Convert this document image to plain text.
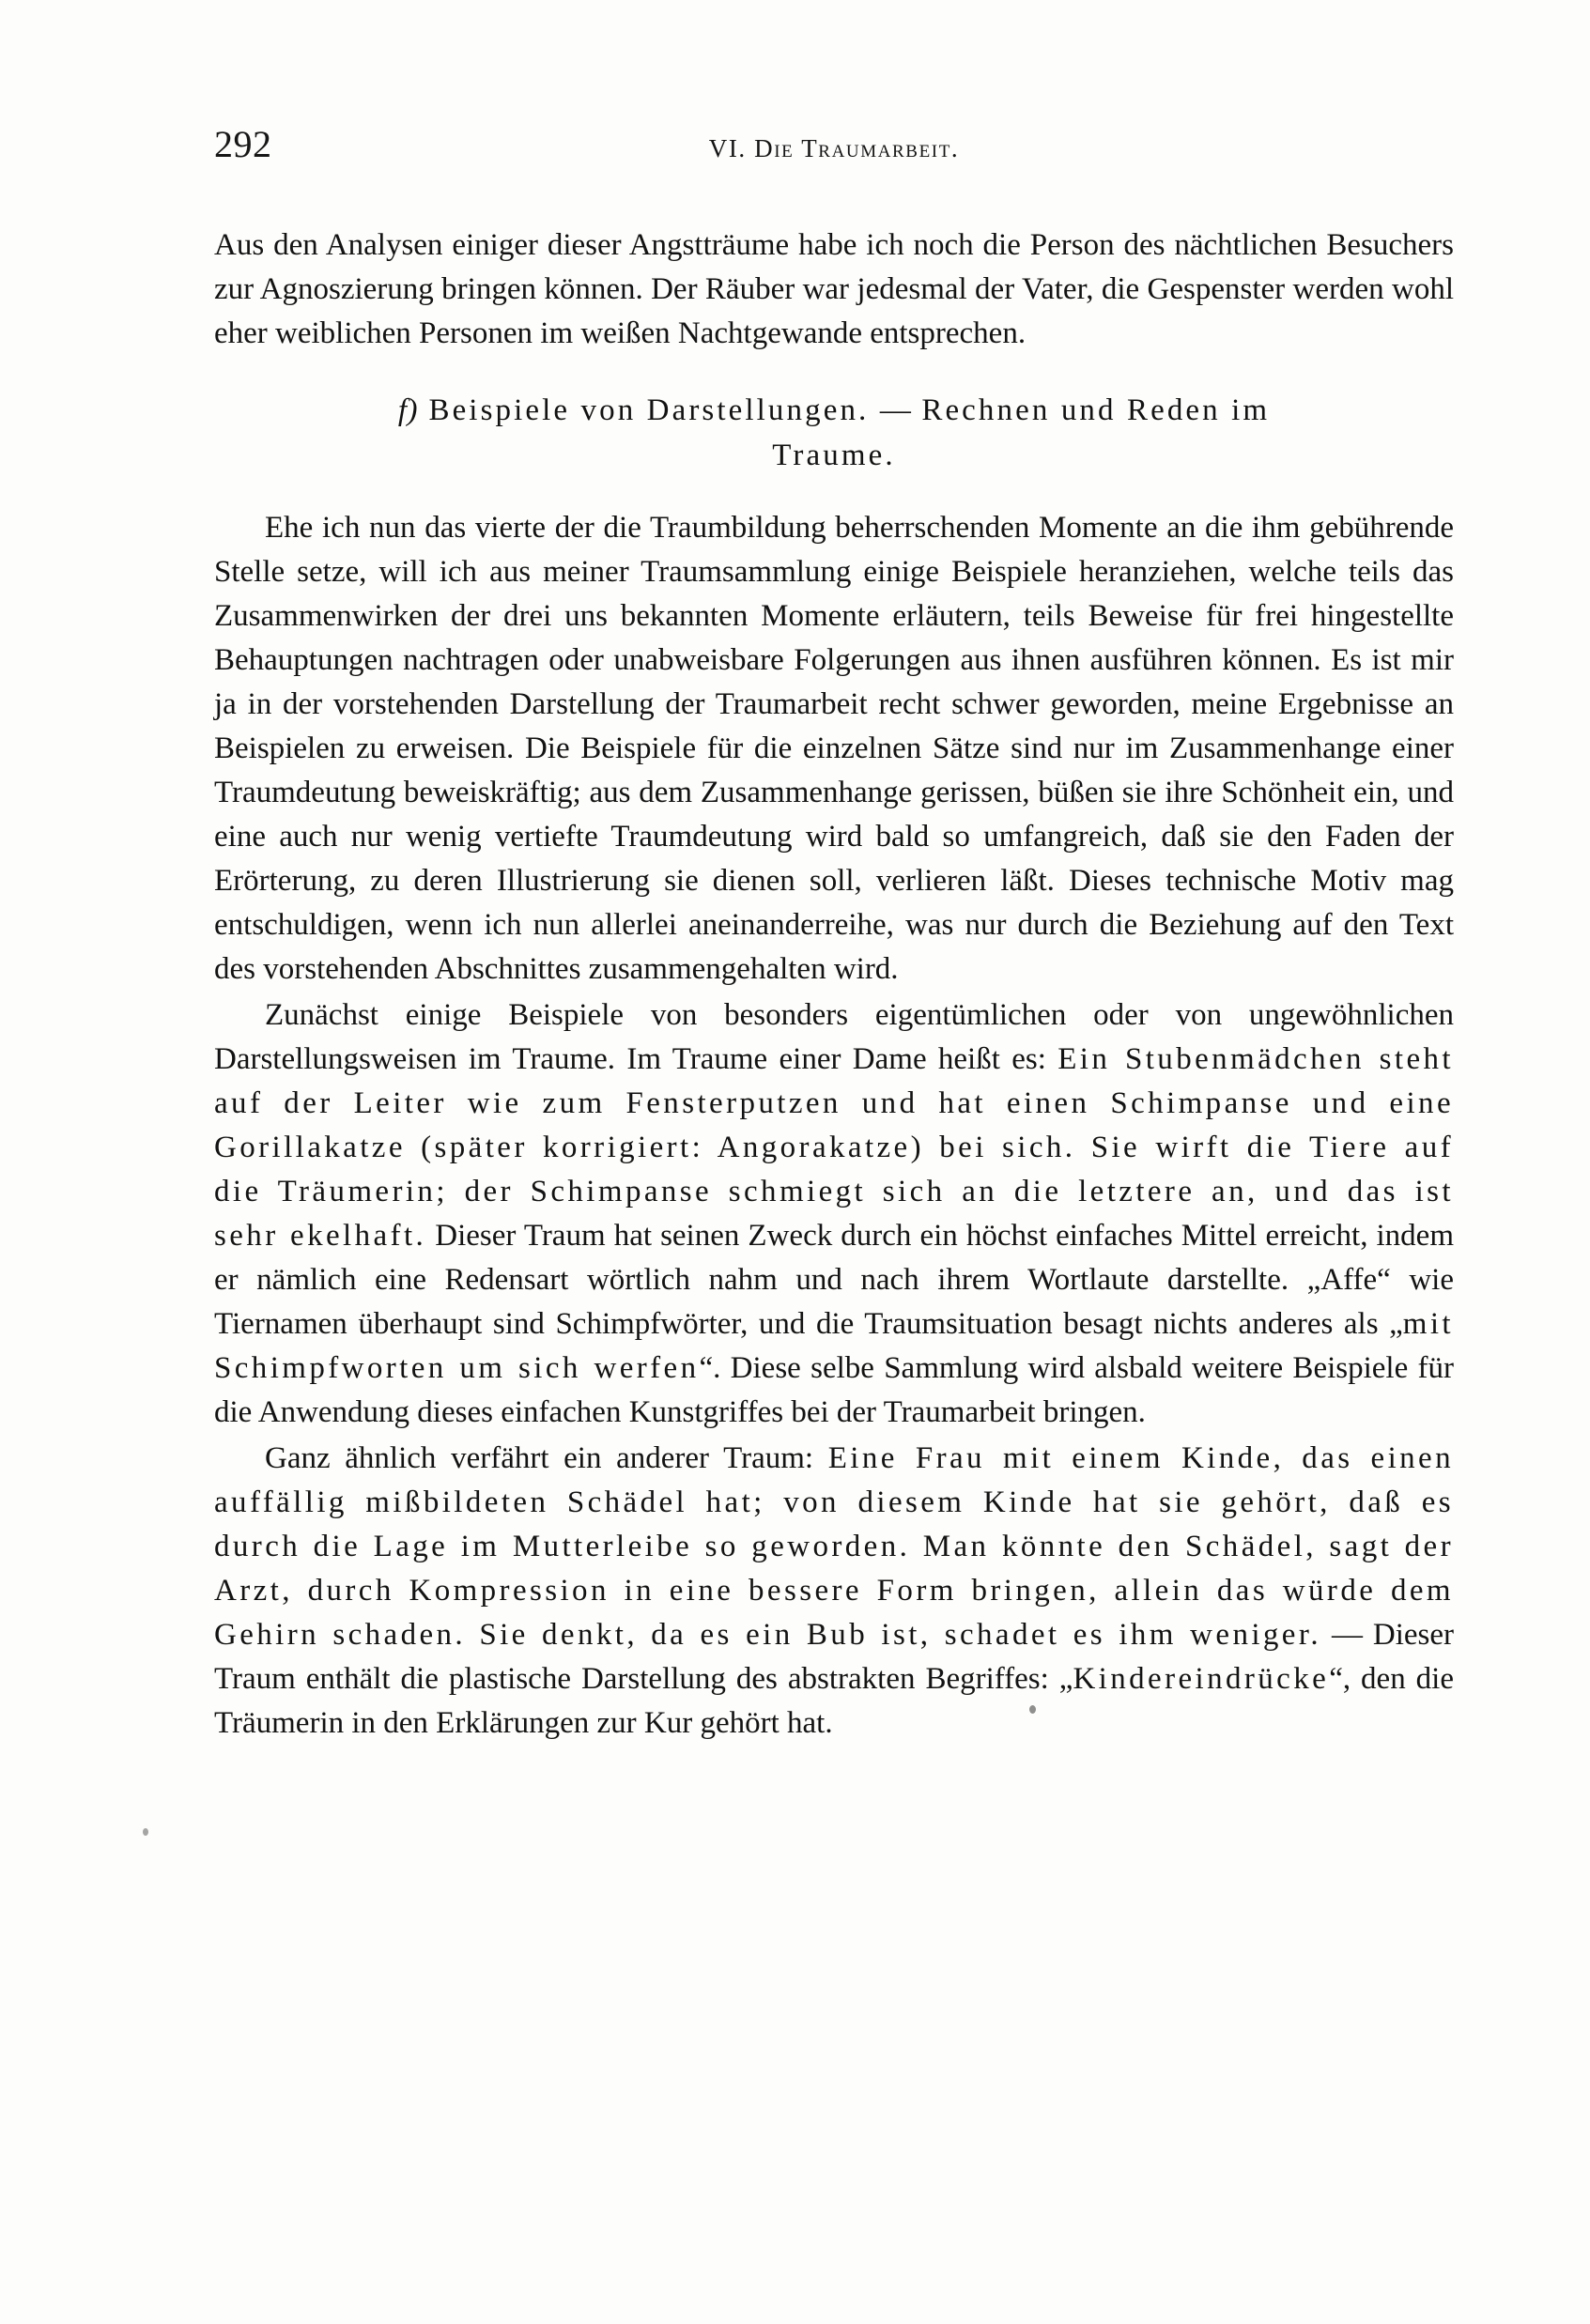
292	VI. Die Traumarbeit.

Aus den Analysen einiger dieser Angstträume habe ich noch die Person des nächtlichen Besuchers zur Agnoszierung bringen können. Der Räuber war jedesmal der Vater, die Gespenster werden wohl eher weiblichen Personen im weißen Nachtgewande entsprechen.

f) Beispiele von Darstellungen. — Rechnen und Reden im
Traume.

Ehe ich nun das vierte der die Traumbildung beherrschenden Momente an die ihm gebührende Stelle setze, will ich aus meiner Traumsammlung einige Beispiele heranziehen, welche teils das Zusammenwirken der drei uns bekannten Momente erläutern, teils Beweise für frei hingestellte Behauptungen nachtragen oder unabweisbare Folgerungen aus ihnen ausführen können. Es ist mir ja in der vorstehenden Darstellung der Traumarbeit recht schwer geworden, meine Ergebnisse an Beispielen zu erweisen. Die Beispiele für die einzelnen Sätze sind nur im Zusammenhange einer Traumdeutung beweiskräftig; aus dem Zusammenhange gerissen, büßen sie ihre Schönheit ein, und eine auch nur wenig vertiefte Traumdeutung wird bald so umfangreich, daß sie den Faden der Erörterung, zu deren Illustrierung sie dienen soll, verlieren läßt. Dieses technische Motiv mag entschuldigen, wenn ich nun allerlei aneinanderreihe, was nur durch die Beziehung auf den Text des vorstehenden Abschnittes zusammengehalten wird.

Zunächst einige Beispiele von besonders eigentümlichen oder von ungewöhnlichen Darstellungsweisen im Traume. Im Traume einer Dame heißt es: Ein Stubenmädchen steht auf der Leiter wie zum Fensterputzen und hat einen Schimpanse und eine Gorillakatze (später korrigiert: Angorakatze) bei sich. Sie wirft die Tiere auf die Träumerin; der Schimpanse schmiegt sich an die letztere an, und das ist sehr ekelhaft. Dieser Traum hat seinen Zweck durch ein höchst einfaches Mittel erreicht, indem er nämlich eine Redensart wörtlich nahm und nach ihrem Wortlaute darstellte. „Affe“ wie Tiernamen überhaupt sind Schimpfwörter, und die Traumsituation besagt nichts anderes als „mit Schimpfworten um sich werfen“. Diese selbe Sammlung wird alsbald weitere Beispiele für die Anwendung dieses einfachen Kunstgriffes bei der Traumarbeit bringen.

Ganz ähnlich verfährt ein anderer Traum: Eine Frau mit einem Kinde, das einen auffällig mißbildeten Schädel hat; von diesem Kinde hat sie gehört, daß es durch die Lage im Mutterleibe so geworden. Man könnte den Schädel, sagt der Arzt, durch Kompression in eine bessere Form bringen, allein das würde dem Gehirn schaden. Sie denkt, da es ein Bub ist, schadet es ihm weniger. — Dieser Traum enthält die plastische Darstellung des abstrakten Begriffes: „Kindereindrücke“, den die Träumerin in den Erklärungen zur Kur gehört hat.
